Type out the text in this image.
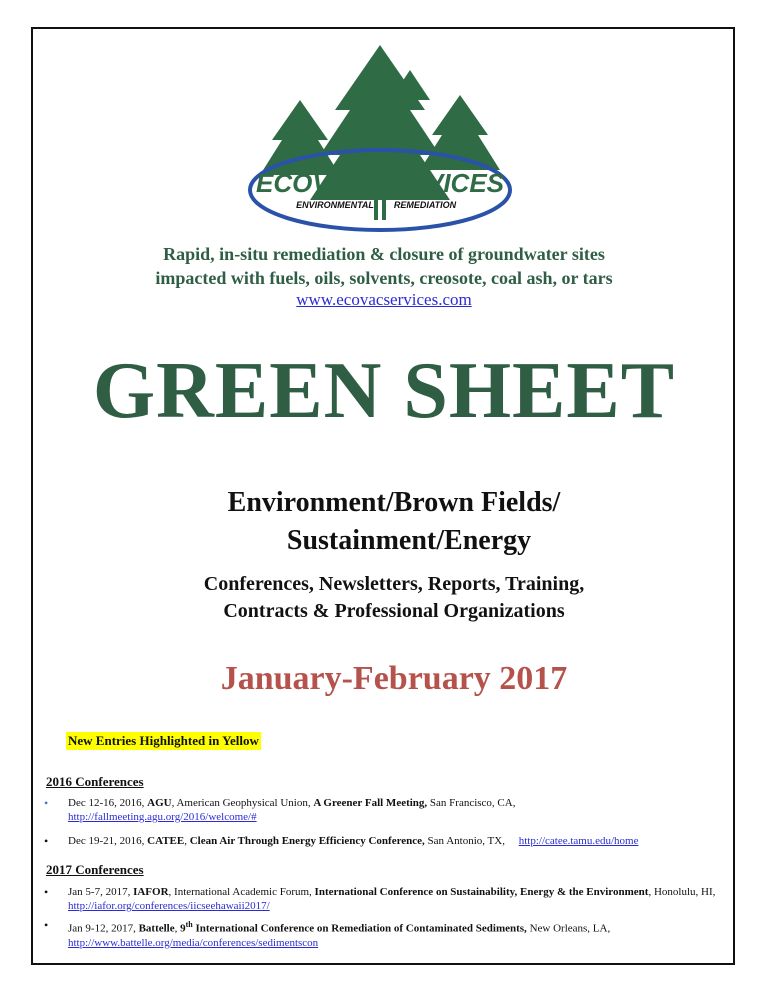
ECOVAC SERVICES
ENVIRONMENTAL REMEDIATION
Rapid, in-situ remediation & closure of groundwater sites
impacted with fuels, oils, solvents, creosote, coal ash, or tars
www.ecovacservices.com
GREEN SHEET
Environment/Brown Fields/
Sustainment/Energy
Conferences, Newsletters, Reports, Training,
Contracts & Professional Organizations
January-February 2017
New Entries Highlighted in Yellow
2016 Conferences
• Dec 12-16, 2016, AGU, American Geophysical Union, A Greener Fall Meeting, San Francisco, CA,
http://fallmeeting.agu.org/2016/welcome/#
• Dec 19-21, 2016, CATEE, Clean Air Through Energy Efficiency Conference, San Antonio, TX, http://catee.tamu.edu/home
2017 Conferences
• Jan 5-7, 2017, IAFOR, International Academic Forum, International Conference on Sustainability, Energy & the Environment, Honolulu, HI, http://iafor.org/conferences/iicseehawaii2017/
• Jan 9-12, 2017, Battelle, 9th International Conference on Remediation of Contaminated Sediments, New Orleans, LA,
http://www.battelle.org/media/conferences/sedimentscon
